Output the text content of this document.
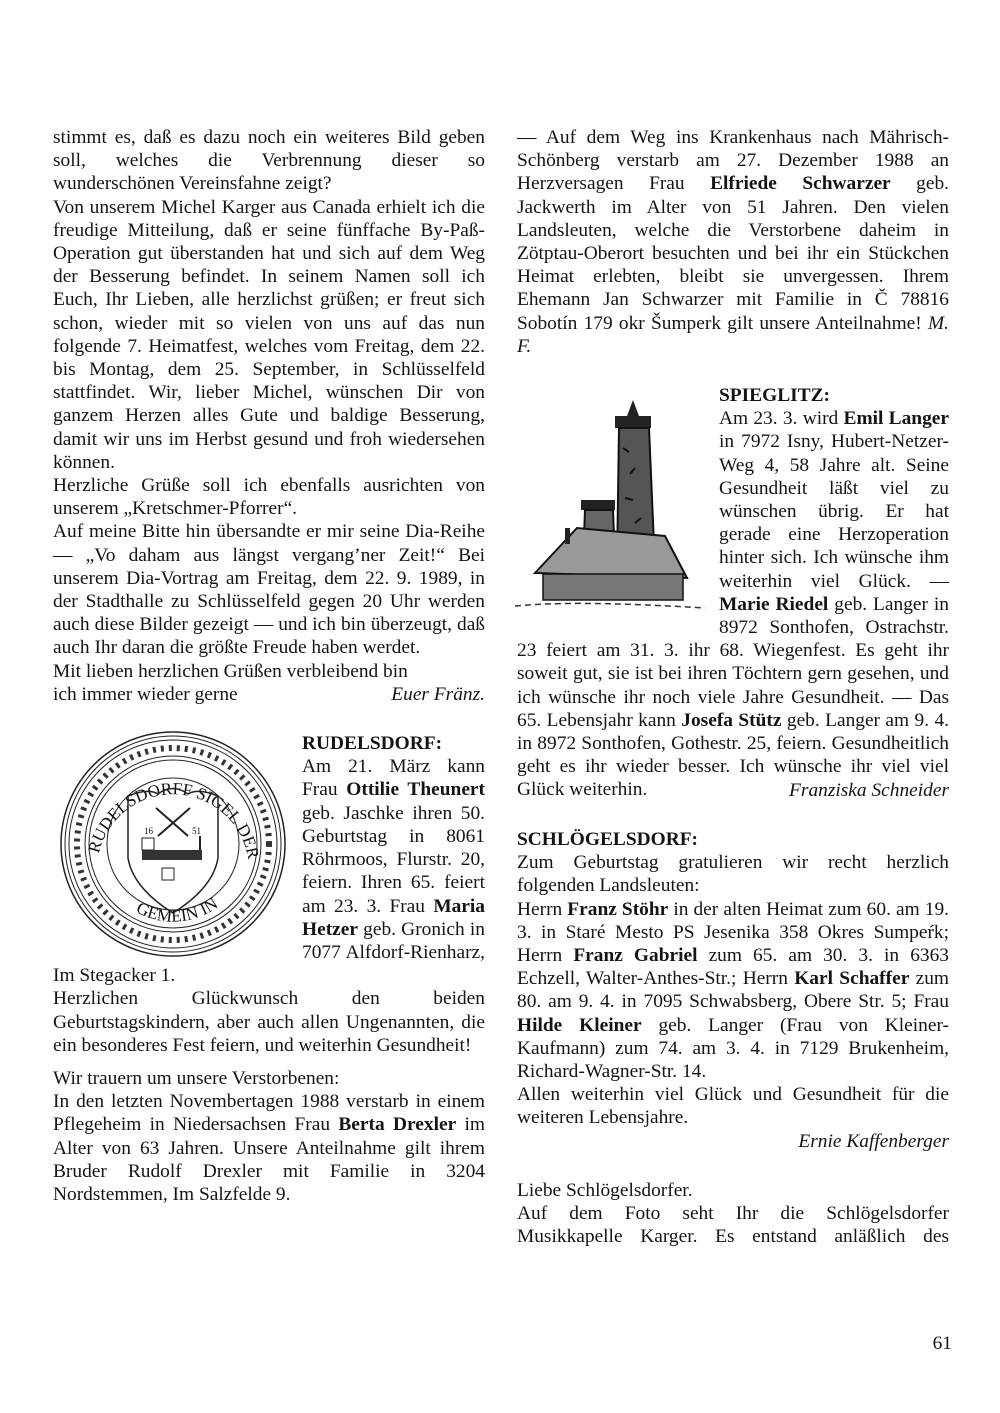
stimmt es, daß es dazu noch ein weiteres Bild geben soll, welches die Verbrennung dieser so wunderschönen Vereinsfahne zeigt?

Von unserem Michel Karger aus Canada erhielt ich die freudige Mitteilung, daß er seine fünffache By-Paß-Operation gut überstanden hat und sich auf dem Weg der Besserung befindet. In seinem Namen soll ich Euch, Ihr Lieben, alle herzlichst grüßen; er freut sich schon, wieder mit so vielen von uns auf das nun folgende 7. Heimatfest, welches vom Freitag, dem 22. bis Montag, dem 25. September, in Schlüsselfeld stattfindet. Wir, lieber Michel, wünschen Dir von ganzem Herzen alles Gute und baldige Besserung, damit wir uns im Herbst gesund und froh wiedersehen können.

Herzliche Grüße soll ich ebenfalls ausrichten von unserem „Kretschmer-Pforrer“.

Auf meine Bitte hin übersandte er mir seine Dia-Reihe — „Vo daham aus längst vergang’ner Zeit!“ Bei unserem Dia-Vortrag am Freitag, dem 22. 9. 1989, in der Stadthalle zu Schlüsselfeld gegen 20 Uhr werden auch diese Bilder gezeigt — und ich bin überzeugt, daß auch Ihr daran die größte Freude haben werdet.

Mit lieben herzlichen Grüßen verbleibend bin

ich immer wieder gerne	Euer Fränz.
RUDELSDORFF SIGEL DER
GEMEIN IN
16	51
RUDELSDORF:

Am 21. März kann Frau Ottilie Theunert geb. Jaschke ihren 50. Geburtstag in 8061 Röhrmoos, Flurstr. 20, feiern. Ihren 65. feiert am 23. 3. Frau Maria Hetzer geb. Gronich in 7077 Alfdorf-Rienharz, Im Stegacker 1.

Herzlichen Glückwunsch den beiden Geburtstagskindern, aber auch allen Ungenannten, die ein besonderes Fest feiern, und weiterhin Gesundheit!

Wir trauern um unsere Verstorbenen:

In den letzten Novembertagen 1988 verstarb in einem Pflegeheim in Niedersachsen Frau Berta Drexler im Alter von 63 Jahren. Unsere Anteilnahme gilt ihrem Bruder Rudolf Drexler mit Familie in 3204 Nordstemmen, Im Salzfelde 9.

— Auf dem Weg ins Krankenhaus nach Mährisch-Schönberg verstarb am 27. Dezember 1988 an Herzversagen Frau Elfriede Schwarzer geb. Jackwerth im Alter von 51 Jahren. Den vielen Landsleuten, welche die Verstorbene daheim in Zötptau-Oberort besuchten und bei ihr ein Stückchen Heimat erlebten, bleibt sie unvergessen. Ihrem Ehemann Jan Schwarzer mit Familie in Č 78816 Sobotín 179 okr Šumperk gilt unsere Anteilnahme! M. F.

SPIEGLITZ:

Am 23. 3. wird Emil Langer in 7972 Isny, Hubert-Netzer-Weg 4, 58 Jahre alt. Seine Gesundheit läßt viel zu wünschen übrig. Er hat gerade eine Herzoperation hinter sich. Ich wünsche ihm weiterhin viel Glück. — Marie Riedel geb. Langer in 8972 Sonthofen, Ostrachstr. 23 feiert am 31. 3. ihr 68. Wiegenfest. Es geht ihr soweit gut, sie ist bei ihren Töchtern gern gesehen, und ich wünsche ihr noch viele Jahre Gesundheit. — Das 65. Lebensjahr kann Josefa Stütz geb. Langer am 9. 4. in 8972 Sonthofen, Gothestr. 25, feiern. Gesundheitlich geht es ihr wieder besser. Ich wünsche ihr viel viel Glück weiterhin.	Franziska Schneider
SCHLÖGELSDORF:

Zum Geburtstag gratulieren wir recht herzlich folgenden Landsleuten:

Herrn Franz Stöhr in der alten Heimat zum 60. am 19. 3. in Staré Mesto PS Jesenika 358 Okres Sumpeŕk; Herrn Franz Gabriel zum 65. am 30. 3. in 6363 Echzell, Walter-Anthes-Str.; Herrn Karl Schaffer zum 80. am 9. 4. in 7095 Schwabsberg, Obere Str. 5; Frau Hilde Kleiner geb. Langer (Frau von Kleiner-Kaufmann) zum 74. am 3. 4. in 7129 Brukenheim, Richard-Wagner-Str. 14.

Allen weiterhin viel Glück und Gesundheit für die weiteren Lebensjahre.

Ernie Kaffenberger

Liebe Schlögelsdorfer.

Auf dem Foto seht Ihr die Schlögelsdorfer Musikkapelle Karger. Es entstand anläßlich des

61
